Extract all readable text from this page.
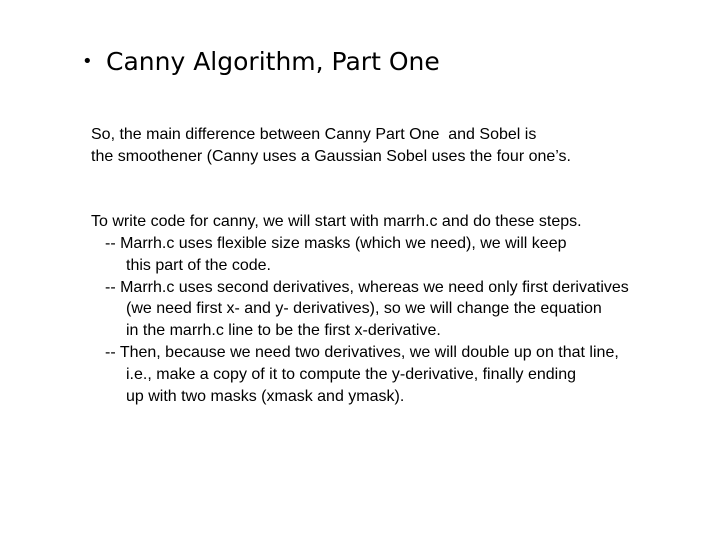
• Canny Algorithm, Part One
So, the main difference between Canny Part One  and Sobel is
the smoothener (Canny uses a Gaussian Sobel uses the four one’s.
To write code for canny, we will start with marrh.c and do these steps.
-- Marrh.c uses flexible size masks (which we need), we will keep
this part of the code.
-- Marrh.c uses second derivatives, whereas we need only first derivatives
(we need first x- and y- derivatives), so we will change the equation
in the marrh.c line to be the first x-derivative.
-- Then, because we need two derivatives, we will double up on that line,
i.e., make a copy of it to compute the y-derivative, finally ending
up with two masks (xmask and ymask).
